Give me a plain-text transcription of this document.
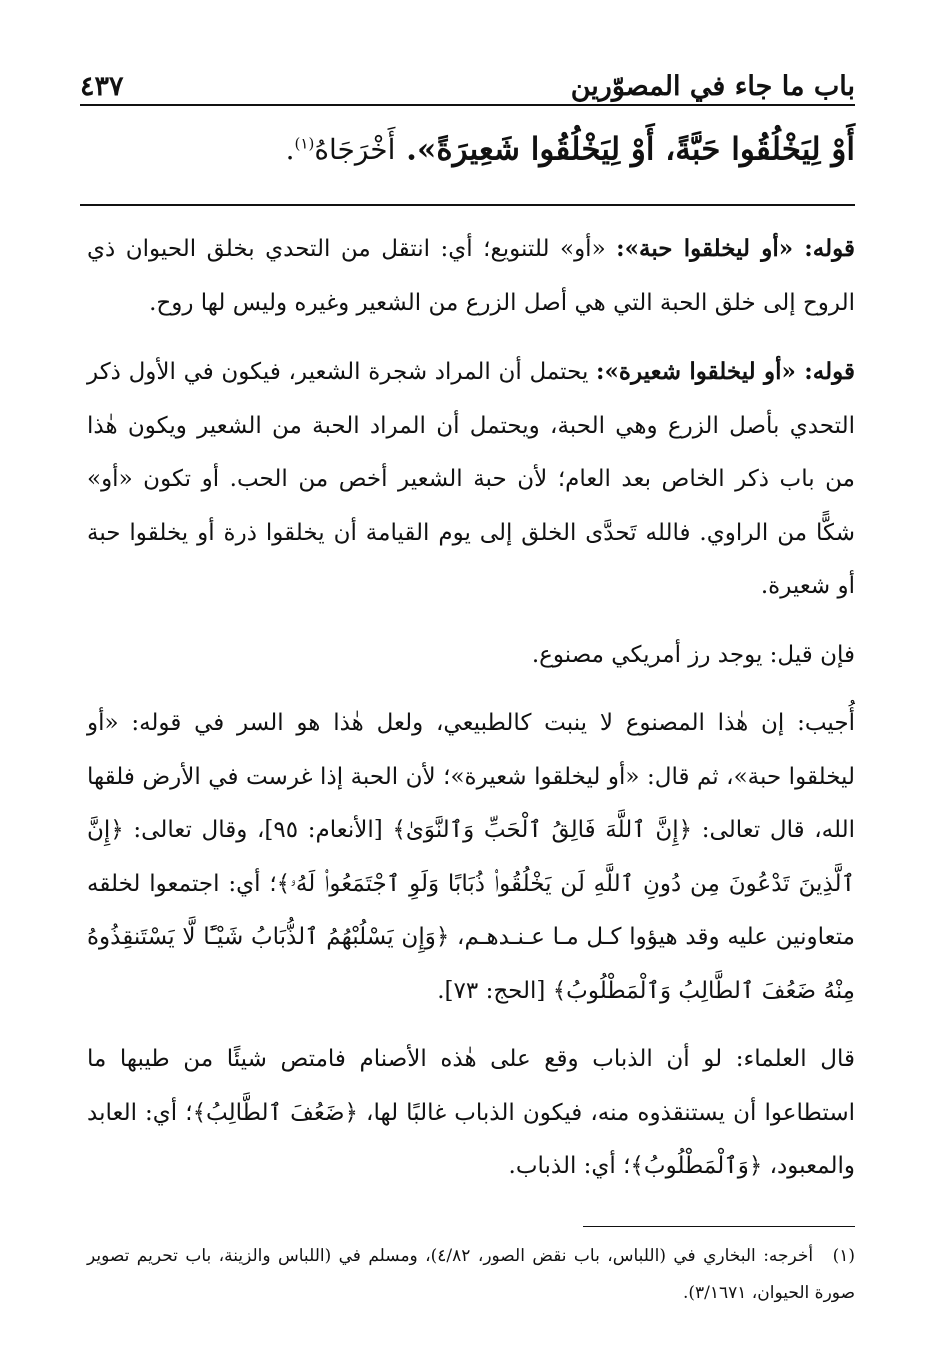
باب ما جاء في المصوّرين
٤٣٧
أَوْ لِيَخْلُقُوا حَبَّةً، أَوْ لِيَخْلُقُوا شَعِيرَةً». أَخْرَجَاهُ$^{(١)}$.

قوله: «أو ليخلقوا حبة»: «أو» للتنويع؛ أي: انتقل من التحدي بخلق الحيوان ذي الروح إلى خلق الحبة التي هي أصل الزرع من الشعير وغيره وليس لها روح.

قوله: «أو ليخلقوا شعيرة»: يحتمل أن المراد شجرة الشعير، فيكون في الأول ذكر التحدي بأصل الزرع وهي الحبة، ويحتمل أن المراد الحبة من الشعير ويكون هٰذا من باب ذكر الخاص بعد العام؛ لأن حبة الشعير أخص من الحب. أو تكون «أو» شكًّا من الراوي. فالله تَحدَّى الخلق إلى يوم القيامة أن يخلقوا ذرة أو يخلقوا حبة أو شعيرة.

فإن قيل: يوجد رز أمريكي مصنوع.

أُجيب: إن هٰذا المصنوع لا ينبت كالطبيعي، ولعل هٰذا هو السر في قوله: «أو ليخلقوا حبة»، ثم قال: «أو ليخلقوا شعيرة»؛ لأن الحبة إذا غرست في الأرض فلقها الله، قال تعالى: ﴿إِنَّ ٱللَّهَ فَالِقُ ٱلْحَبِّ وَٱلنَّوَىٰ﴾ [الأنعام: ٩٥]، وقال تعالى: ﴿إِنَّ ٱلَّذِينَ تَدْعُونَ مِن دُونِ ٱللَّهِ لَن يَخْلُقُوا۟ ذُبَابًا وَلَوِ ٱجْتَمَعُوا۟ لَهُۥ﴾؛ أي: اجتمعوا لخلقه متعاونين عليه وقد هيؤوا كـل مـا عـنـدهـم، ﴿وَإِن يَسْلُبْهُمُ ٱلذُّبَابُ شَيْـًٔا لَّا يَسْتَنقِذُوهُ مِنْهُ ضَعُفَ ٱلطَّالِبُ وَٱلْمَطْلُوبُ﴾ [الحج: ٧٣].

قال العلماء: لو أن الذباب وقع على هٰذه الأصنام فامتص شيئًا من طيبها ما استطاعوا أن يستنقذوه منه، فيكون الذباب غالبًا لها، ﴿ضَعُفَ ٱلطَّالِبُ﴾؛ أي: العابد والمعبود، ﴿وَٱلْمَطْلُوبُ﴾؛ أي: الذباب.

(١) أخرجه: البخاري في (اللباس، باب نقض الصور، ٤/٨٢)، ومسلم في (اللباس والزينة، باب تحريم تصوير صورة الحيوان، ٣/١٦٧١).
